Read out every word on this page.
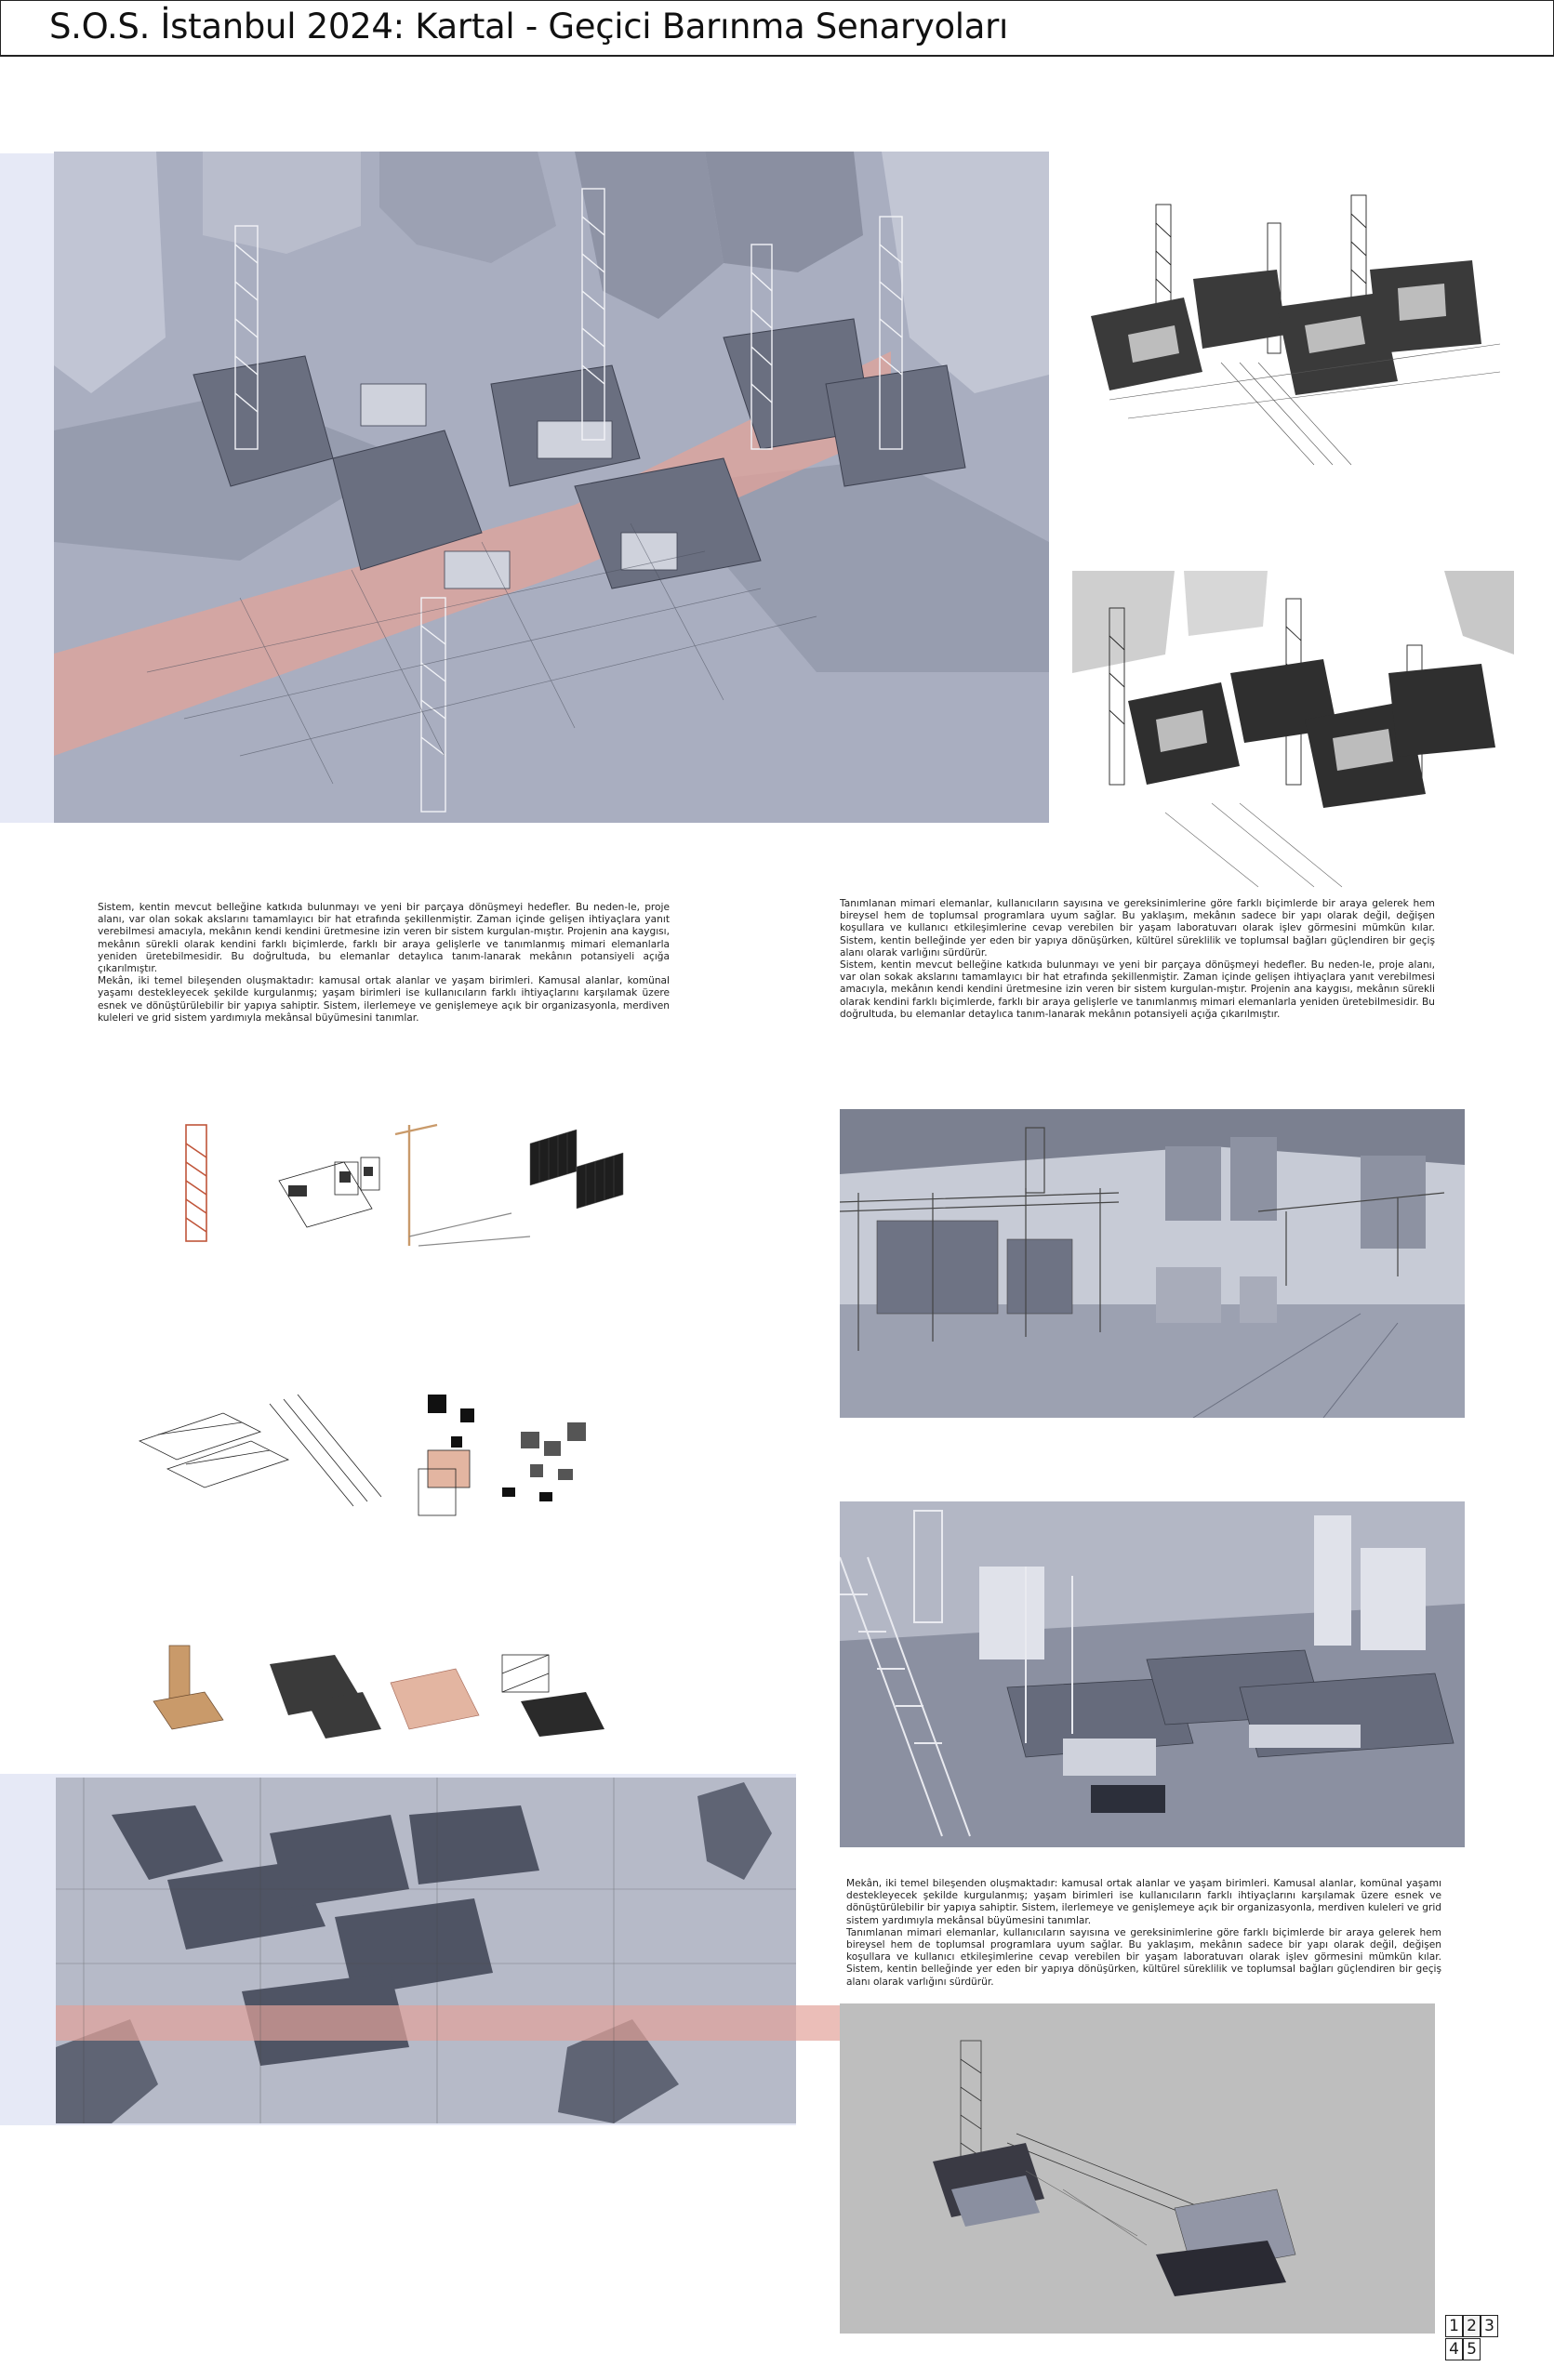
S.O.S. İstanbul 2024: Kartal - Geçici Barınma Senaryoları

Sistem, kentin mevcut belleğine katkıda bulunmayı ve yeni bir parçaya dönüşmeyi hedefler. Bu neden-le, proje alanı, var olan sokak akslarını tamamlayıcı bir hat etrafında şekillenmiştir. Zaman içinde gelişen ihtiyaçlara yanıt verebilmesi amacıyla, mekânın kendi kendini üretmesine izin veren bir sistem kurgulan-mıştır. Projenin ana kaygısı, mekânın sürekli olarak kendini farklı biçimlerde, farklı bir araya gelişlerle ve tanımlanmış mimari elemanlarla yeniden üretebilmesidir. Bu doğrultuda, bu elemanlar detaylıca tanım-lanarak mekânın potansiyeli açığa çıkarılmıştır.

Mekân, iki temel bileşenden oluşmaktadır: kamusal ortak alanlar ve yaşam birimleri. Kamusal alanlar, komünal yaşamı destekleyecek şekilde kurgulanmış; yaşam birimleri ise kullanıcıların farklı ihtiyaçlarını karşılamak üzere esnek ve dönüştürülebilir bir yapıya sahiptir. Sistem, ilerlemeye ve genişlemeye açık bir organizasyonla, merdiven kuleleri ve grid sistem yardımıyla mekânsal büyümesini tanımlar.

Tanımlanan mimari elemanlar, kullanıcıların sayısına ve gereksinimlerine göre farklı biçimlerde bir araya gelerek hem bireysel hem de toplumsal programlara uyum sağlar. Bu yaklaşım, mekânın sadece bir yapı olarak değil, değişen koşullara ve kullanıcı etkileşimlerine cevap verebilen bir yaşam laboratuvarı olarak işlev görmesini mümkün kılar. Sistem, kentin belleğinde yer eden bir yapıya dönüşürken, kültürel süreklilik ve toplumsal bağları güçlendiren bir geçiş alanı olarak varlığını sürdürür.

Sistem, kentin mevcut belleğine katkıda bulunmayı ve yeni bir parçaya dönüşmeyi hedefler. Bu neden-le, proje alanı, var olan sokak akslarını tamamlayıcı bir hat etrafında şekillenmiştir. Zaman içinde gelişen ihtiyaçlara yanıt verebilmesi amacıyla, mekânın kendi kendini üretmesine izin veren bir sistem kurgulan-mıştır. Projenin ana kaygısı, mekânın sürekli olarak kendini farklı biçimlerde, farklı bir araya gelişlerle ve tanımlanmış mimari elemanlarla yeniden üretebilmesidir. Bu doğrultuda, bu elemanlar detaylıca tanım-lanarak mekânın potansiyeli açığa çıkarılmıştır.

Mekân, iki temel bileşenden oluşmaktadır: kamusal ortak alanlar ve yaşam birimleri. Kamusal alanlar, komünal yaşamı destekleyecek şekilde kurgulanmış; yaşam birimleri ise kullanıcıların farklı ihtiyaçlarını karşılamak üzere esnek ve dönüştürülebilir bir yapıya sahiptir. Sistem, ilerlemeye ve genişlemeye açık bir organizasyonla, merdiven kuleleri ve grid sistem yardımıyla mekânsal büyümesini tanımlar.

Tanımlanan mimari elemanlar, kullanıcıların sayısına ve gereksinimlerine göre farklı biçimlerde bir araya gelerek hem bireysel hem de toplumsal programlara uyum sağlar. Bu yaklaşım, mekânın sadece bir yapı olarak değil, değişen koşullara ve kullanıcı etkileşimlerine cevap verebilen bir yaşam laboratuvarı olarak işlev görmesini mümkün kılar. Sistem, kentin belleğinde yer eden bir yapıya dönüşürken, kültürel süreklilik ve toplumsal bağları güçlendiren bir geçiş alanı olarak varlığını sürdürür.

1 2 3
4 5
